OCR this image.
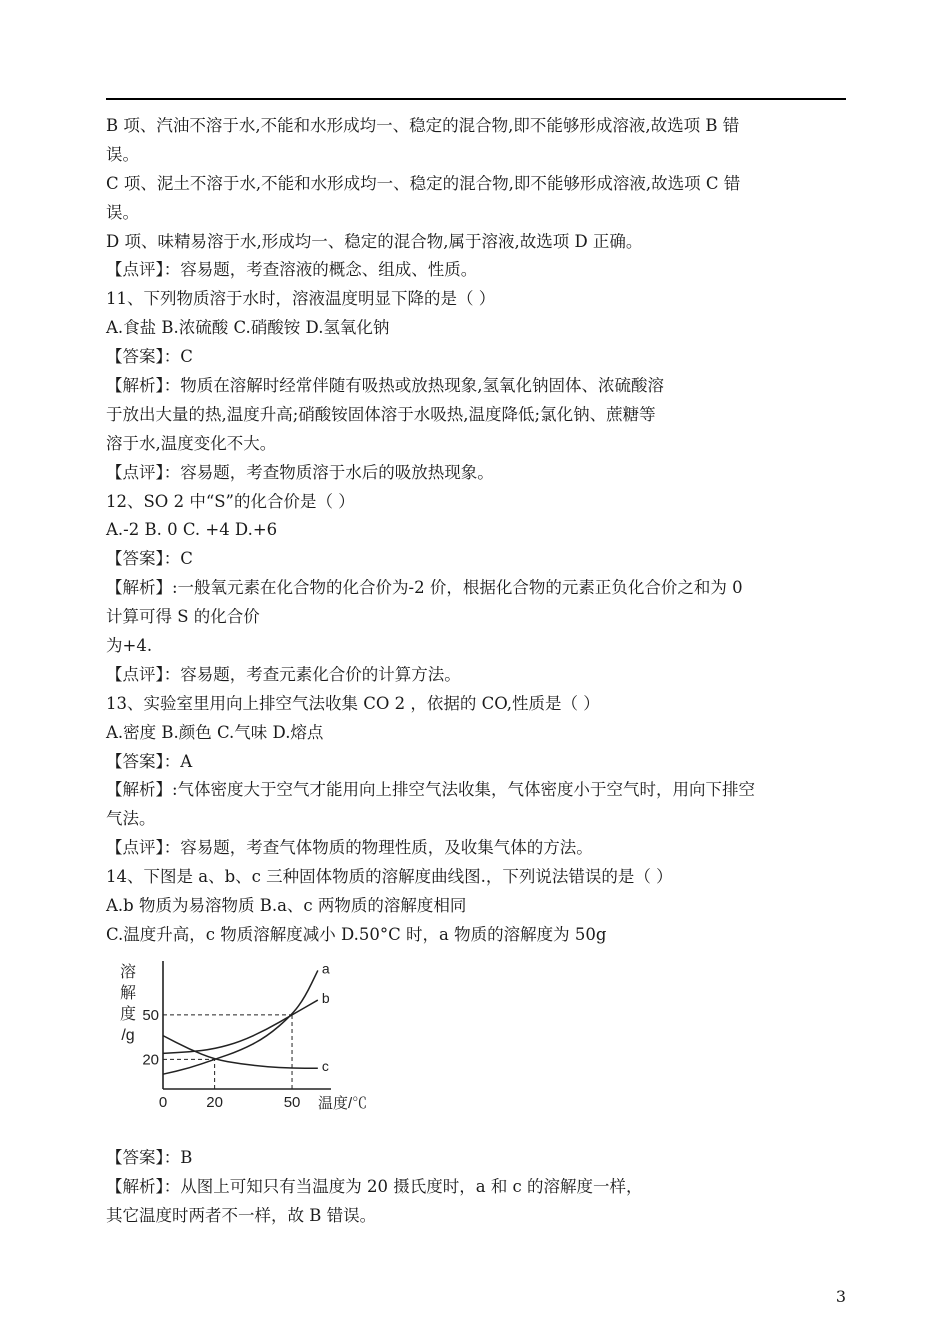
B 项、汽油不溶于水,不能和水形成均一、稳定的混合物,即不能够形成溶液,故选项 B 错
误。
C 项、泥土不溶于水,不能和水形成均一、稳定的混合物,即不能够形成溶液,故选项 C 错
误。
D 项、味精易溶于水,形成均一、稳定的混合物,属于溶液,故选项 D 正确。
【点评】：容易题，考查溶液的概念、组成、性质。
11、下列物质溶于水时，溶液温度明显下降的是（ ）
A.食盐 B.浓硫酸 C.硝酸铵 D.氢氧化钠
【答案】：C
【解析】：物质在溶解时经常伴随有吸热或放热现象,氢氧化钠固体、浓硫酸溶
于放出大量的热,温度升高;硝酸铵固体溶于水吸热,温度降低;氯化钠、蔗糖等
溶于水,温度变化不大。
【点评】：容易题，考查物质溶于水后的吸放热现象。
12、SO 2 中“S”的化合价是（ ）
A.-2 B. 0 C. +4 D.+6
【答案】：C
【解析】:一般氧元素在化合物的化合价为-2 价，根据化合物的元素正负化合价之和为 0
计算可得 S 的化合价
为+4.
【点评】：容易题，考查元素化合价的计算方法。
13、实验室里用向上排空气法收集 CO 2 ，依据的 CO,性质是（ ）
A.密度 B.颜色 C.气味 D.熔点
【答案】：A
【解析】:气体密度大于空气才能用向上排空气法收集，气体密度小于空气时，用向下排空
气法。
【点评】：容易题，考查气体物质的物理性质，及收集气体的方法。
14、下图是 a、b、c 三种固体物质的溶解度曲线图.，下列说法错误的是（ ）
A.b 物质为易溶物质 B.a、c 两物质的溶解度相同
C.温度升高，c 物质溶解度减小 D.50°C 时，a 物质的溶解度为 50g
溶
解
度
/g
温度/℃
0	20	50
20
50
a
b
c
【答案】：B
【解析】：从图上可知只有当温度为 20 摄氏度时，a 和 c 的溶解度一样，
其它温度时两者不一样，故 B 错误。
3
